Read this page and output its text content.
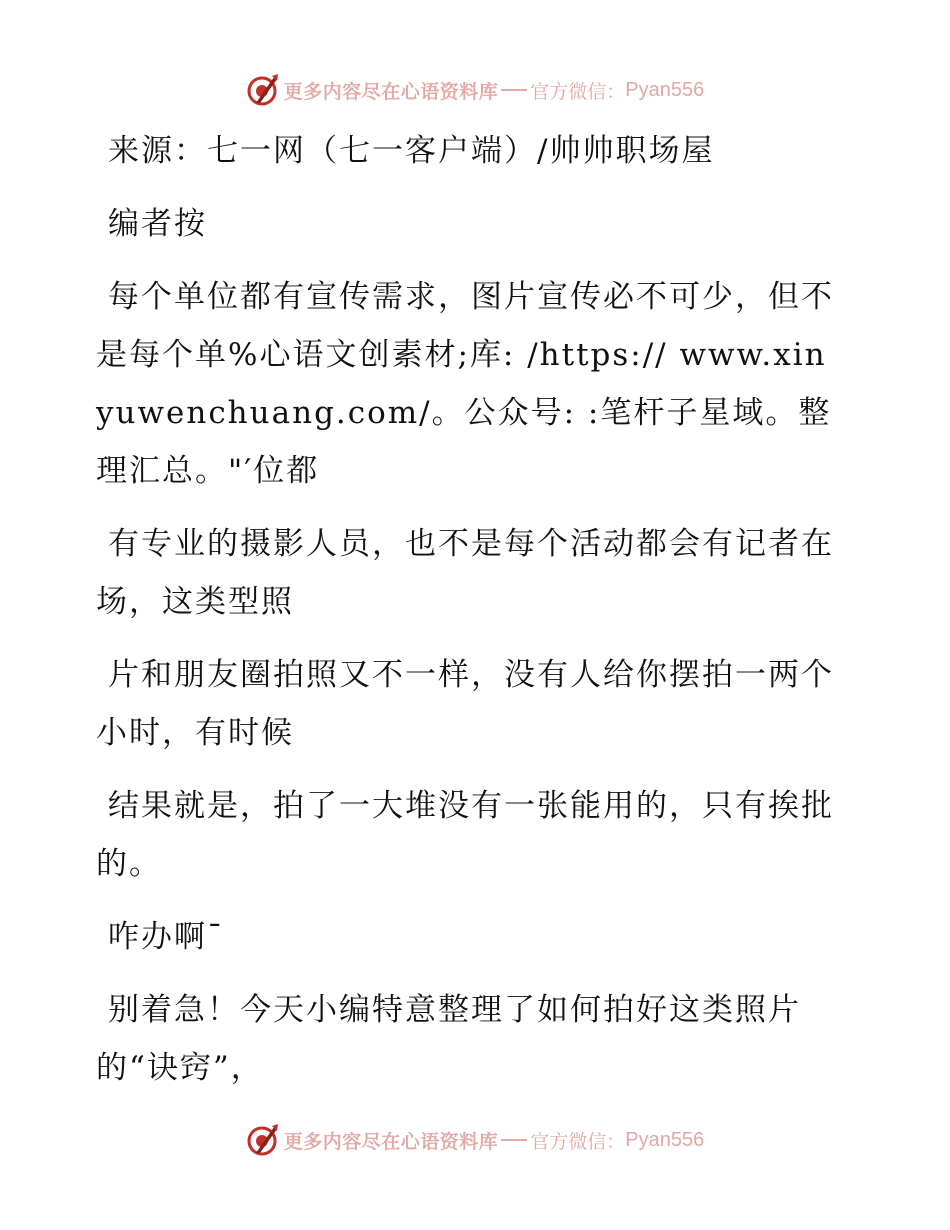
更多内容尽在心语资料库 官方微信： Pyan556

来源：七一网（七一客户端）/帅帅职场屋

编者按

每个单位都有宣传需求，图片宣传必不可少，但不是每个单%心语文创素材;库: /https:// www.xinyuwenchuang.com/。公众号: :笔杆子星域。整理汇总。"′位都

有专业的摄影人员，也不是每个活动都会有记者在场，这类型照

片和朋友圈拍照又不一样，没有人给你摆拍一两个小时，有时候

结果就是，拍了一大堆没有一张能用的，只有挨批的。

咋办啊¯

别着急！今天小编特意整理了如何拍好这类照片的“诀窍”，

更多内容尽在心语资料库 官方微信： Pyan556
